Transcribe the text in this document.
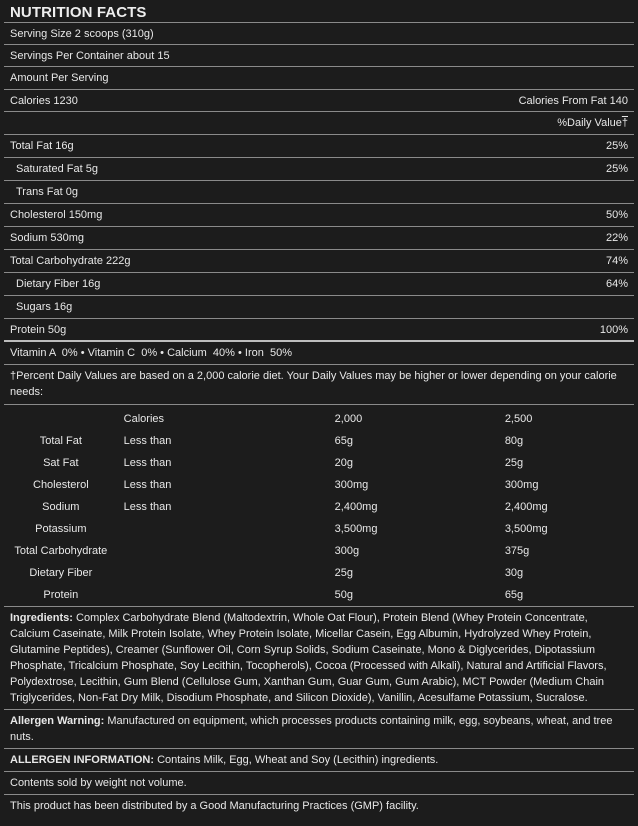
NUTRITION FACTS
Serving Size 2 scoops (310g)
Servings Per Container about 15
Amount Per Serving
Calories 1230	Calories From Fat 140
%Daily Value†
Total Fat 16g	25%
Saturated Fat 5g	25%
Trans Fat 0g
Cholesterol 150mg	50%
Sodium 530mg	22%
Total Carbohydrate 222g	74%
Dietary Fiber 16g	64%
Sugars 16g
Protein 50g	100%
Vitamin A  0% • Vitamin C  0% • Calcium  40% • Iron  50%
†Percent Daily Values are based on a 2,000 calorie diet. Your Daily Values may be higher or lower depending on your calorie needs:
	Calories	2,000	2,500
Total Fat	Less than	65g	80g
Sat Fat	Less than	20g	25g
Cholesterol	Less than	300mg	300mg
Sodium	Less than	2,400mg	2,400mg
Potassium		3,500mg	3,500mg
Total Carbohydrate		300g	375g
Dietary Fiber		25g	30g
Protein		50g	65g
Ingredients: Complex Carbohydrate Blend (Maltodextrin, Whole Oat Flour), Protein Blend (Whey Protein Concentrate, Calcium Caseinate, Milk Protein Isolate, Whey Protein Isolate, Micellar Casein, Egg Albumin, Hydrolyzed Whey Protein, Glutamine Peptides), Creamer (Sunflower Oil, Corn Syrup Solids, Sodium Caseinate, Mono & Diglycerides, Dipotassium Phosphate, Tricalcium Phosphate, Soy Lecithin, Tocopherols), Cocoa (Processed with Alkali), Natural and Artificial Flavors, Polydextrose, Lecithin, Gum Blend (Cellulose Gum, Xanthan Gum, Guar Gum, Gum Arabic), MCT Powder (Medium Chain Triglycerides, Non-Fat Dry Milk, Disodium Phosphate, and Silicon Dioxide), Vanillin, Acesulfame Potassium, Sucralose.
Allergen Warning: Manufactured on equipment, which processes products containing milk, egg, soybeans, wheat, and tree nuts.
ALLERGEN INFORMATION: Contains Milk, Egg, Wheat and Soy (Lecithin) ingredients.
Contents sold by weight not volume.
This product has been distributed by a Good Manufacturing Practices (GMP) facility.
